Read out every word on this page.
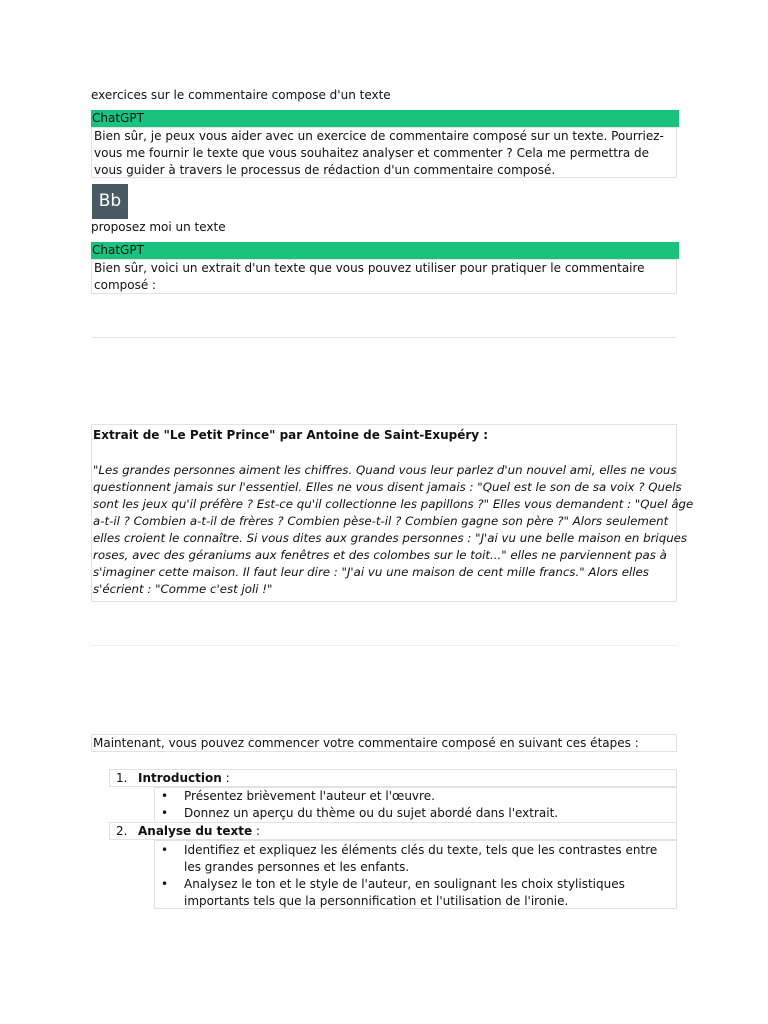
exercices sur le commentaire compose d'un texte
ChatGPT
Bien sûr, je peux vous aider avec un exercice de commentaire composé sur un texte. Pourriez-vous me fournir le texte que vous souhaitez analyser et commenter ? Cela me permettra de vous guider à travers le processus de rédaction d'un commentaire composé.
Bb
proposez moi un texte
ChatGPT
Bien sûr, voici un extrait d'un texte que vous pouvez utiliser pour pratiquer le commentaire composé :
Extrait de "Le Petit Prince" par Antoine de Saint-Exupéry :
"Les grandes personnes aiment les chiffres. Quand vous leur parlez d'un nouvel ami, elles ne vous
questionnent jamais sur l'essentiel. Elles ne vous disent jamais : "Quel est le son de sa voix ? Quels
sont les jeux qu'il préfère ? Est-ce qu'il collectionne les papillons ?" Elles vous demandent : "Quel âge
a-t-il ? Combien a-t-il de frères ? Combien pèse-t-il ? Combien gagne son père ?" Alors seulement
elles croient le connaître. Si vous dites aux grandes personnes : "J'ai vu une belle maison en briques
roses, avec des géraniums aux fenêtres et des colombes sur le toit..." elles ne parviennent pas à
s'imaginer cette maison. Il faut leur dire : "J'ai vu une maison de cent mille francs." Alors elles
s'écrient : "Comme c'est joli !"
Maintenant, vous pouvez commencer votre commentaire composé en suivant ces étapes :
1. Introduction :
• Présentez brièvement l'auteur et l'œuvre.
• Donnez un aperçu du thème ou du sujet abordé dans l'extrait.
2. Analyse du texte :
• Identifiez et expliquez les éléments clés du texte, tels que les contrastes entre les grandes personnes et les enfants.
• Analysez le ton et le style de l'auteur, en soulignant les choix stylistiques importants tels que la personnification et l'utilisation de l'ironie.
